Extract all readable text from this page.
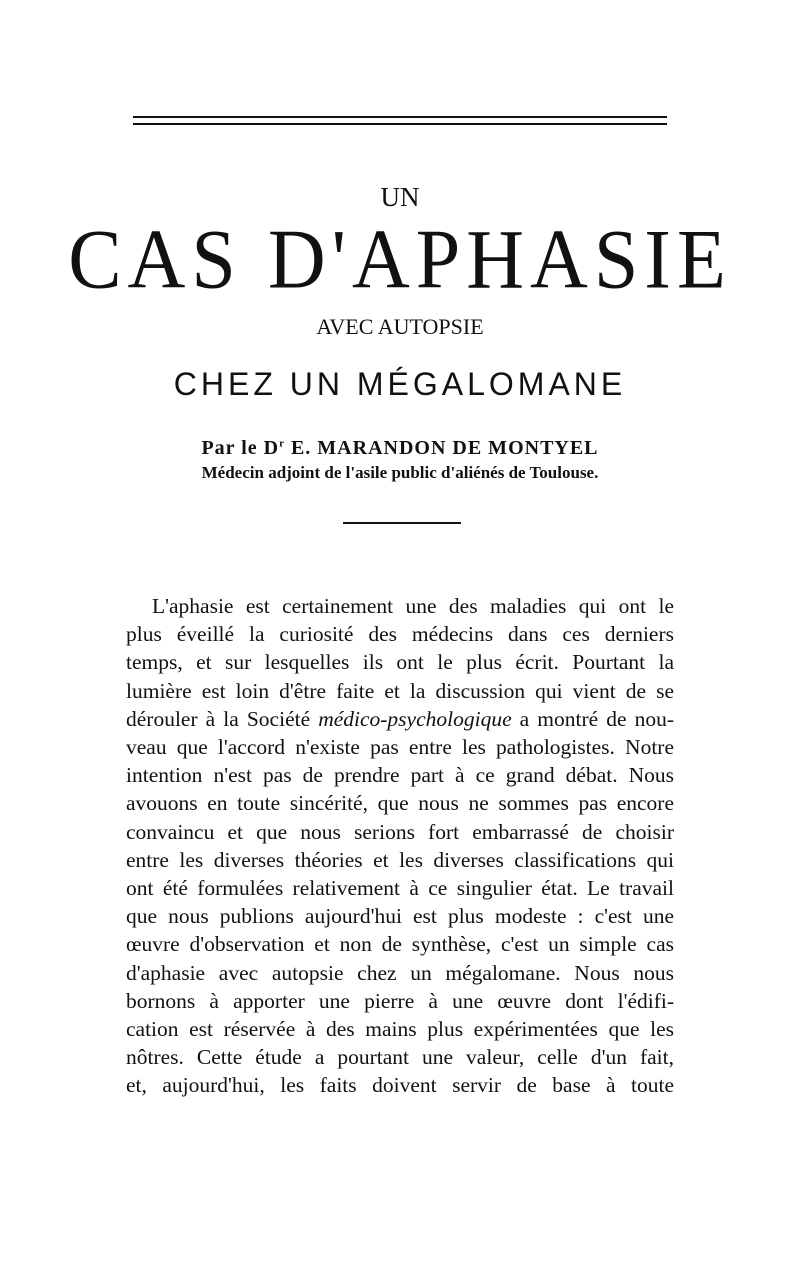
UN
CAS D'APHASIE
AVEC AUTOPSIE
CHEZ UN MÉGALOMANE
Par le $D^r$ E. MARANDON DE MONTYEL
Médecin adjoint de l'asile public d'aliénés de Toulouse.
L'aphasie est certainement une des maladies qui ont le
plus éveillé la curiosité des médecins dans ces derniers
temps, et sur lesquelles ils ont le plus écrit. Pourtant la
lumière est loin d'être faite et la discussion qui vient de se
dérouler à la Société médico-psychologique a montré de nou-
veau que l'accord n'existe pas entre les pathologistes. Notre
intention n'est pas de prendre part à ce grand débat. Nous
avouons en toute sincérité, que nous ne sommes pas encore
convaincu et que nous serions fort embarrassé de choisir
entre les diverses théories et les diverses classifications qui
ont été formulées relativement à ce singulier état. Le travail
que nous publions aujourd'hui est plus modeste : c'est une
œuvre d'observation et non de synthèse, c'est un simple cas
d'aphasie avec autopsie chez un mégalomane. Nous nous
bornons à apporter une pierre à une œuvre dont l'édifi-
cation est réservée à des mains plus expérimentées que les
nôtres. Cette étude a pourtant une valeur, celle d'un fait,
et, aujourd'hui, les faits doivent servir de base à toute
